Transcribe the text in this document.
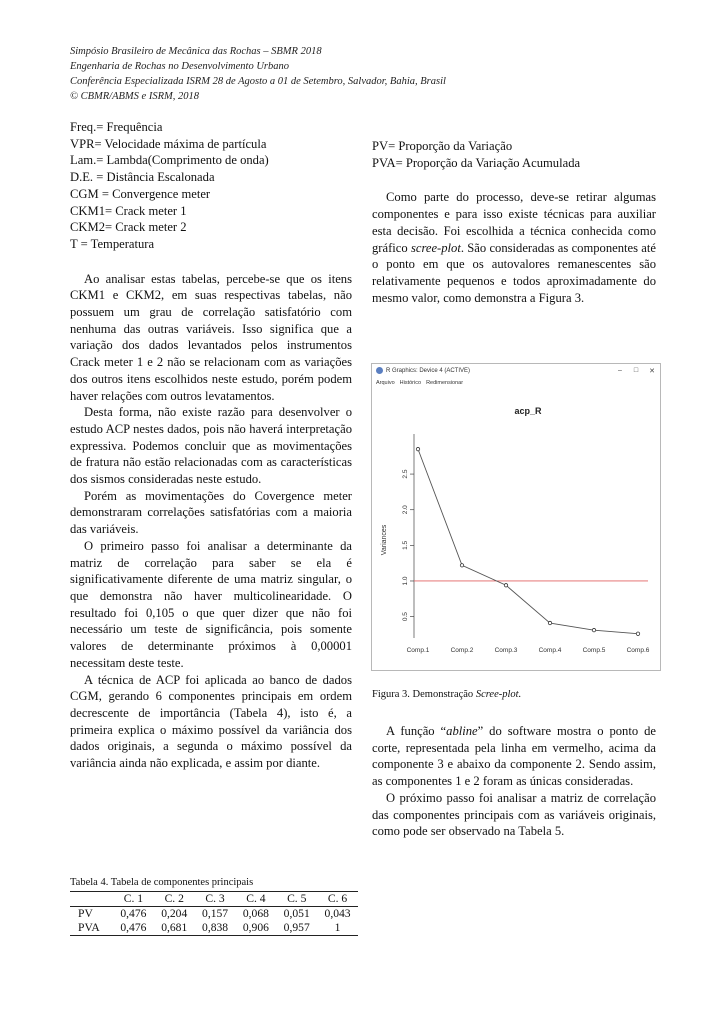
Simpósio Brasileiro de Mecânica das Rochas – SBMR 2018
Engenharia de Rochas no Desenvolvimento Urbano
Conferência Especializada ISRM 28 de Agosto a 01 de Setembro, Salvador, Bahia, Brasil
© CBMR/ABMS e ISRM, 2018
Freq.= Frequência
VPR= Velocidade máxima de partícula
Lam.= Lambda(Comprimento de onda)
D.E. = Distância Escalonada
CGM = Convergence meter
CKM1= Crack meter 1
CKM2= Crack meter 2
T = Temperatura

Ao analisar estas tabelas, percebe-se que os itens CKM1 e CKM2, em suas respectivas tabelas, não possuem um grau de correlação satisfatório com nenhuma das outras variáveis. Isso significa que a variação dos dados levantados pelos instrumentos Crack meter 1 e 2 não se relacionam com as variações dos outros itens escolhidos neste estudo, porém podem haver relações com outros levatamentos.

Desta forma, não existe razão para desenvolver o estudo ACP nestes dados, pois não haverá interpretação expressiva. Podemos concluir que as movimentações de fratura não estão relacionadas com as características dos sismos consideradas neste estudo.

Porém as movimentações do Covergence meter demonstraram correlações satisfatórias com a maioria das variáveis.

O primeiro passo foi analisar a determinante da matriz de correlação para saber se ela é significativamente diferente de uma matriz singular, o que demonstra não haver multicolinearidade. O resultado foi 0,105 o que quer dizer que não foi necessário um teste de significância, pois somente valores de determinante próximos à 0,00001 necessitam deste teste.

A técnica de ACP foi aplicada ao banco de dados CGM, gerando 6 componentes principais em ordem decrescente de importância (Tabela 4), isto é, a primeira explica o máximo possível da variância dos dados originais, a segunda o máximo possível da variância ainda não explicada, e assim por diante.

Tabela 4. Tabela de componentes principais
	C. 1	C. 2	C. 3	C. 4	C. 5	C. 6
PV	0,476	0,204	0,157	0,068	0,051	0,043
PVA	0,476	0,681	0,838	0,906	0,957	1
PV= Proporção da Variação
PVA= Proporção da Variação Acumulada

Como parte do processo, deve-se retirar algumas componentes e para isso existe técnicas para auxiliar esta decisão. Foi escolhida a técnica conhecida como gráfico scree-plot. São consideradas as componentes até o ponto em que os autovalores remanescentes são relativamente pequenos e todos aproximadamente do mesmo valor, como demonstra a Figura 3.

R Graphics: Device 4 (ACTIVE)	–	□	✕
Arquivo Histórico Redimensionar
acp_R
0.5
1.0
1.5
2.0
2.5
Variances
Comp.1	Comp.2	Comp.3	Comp.4	Comp.5	Comp.6
Figura 3. Demonstração Scree-plot.

A função “abline” do software mostra o ponto de corte, representada pela linha em vermelho, acima da componente 3 e abaixo da componente 2. Sendo assim, as componentes 1 e 2 foram as únicas consideradas.

O próximo passo foi analisar a matriz de correlação das componentes principais com as variáveis originais, como pode ser observado na Tabela 5.
